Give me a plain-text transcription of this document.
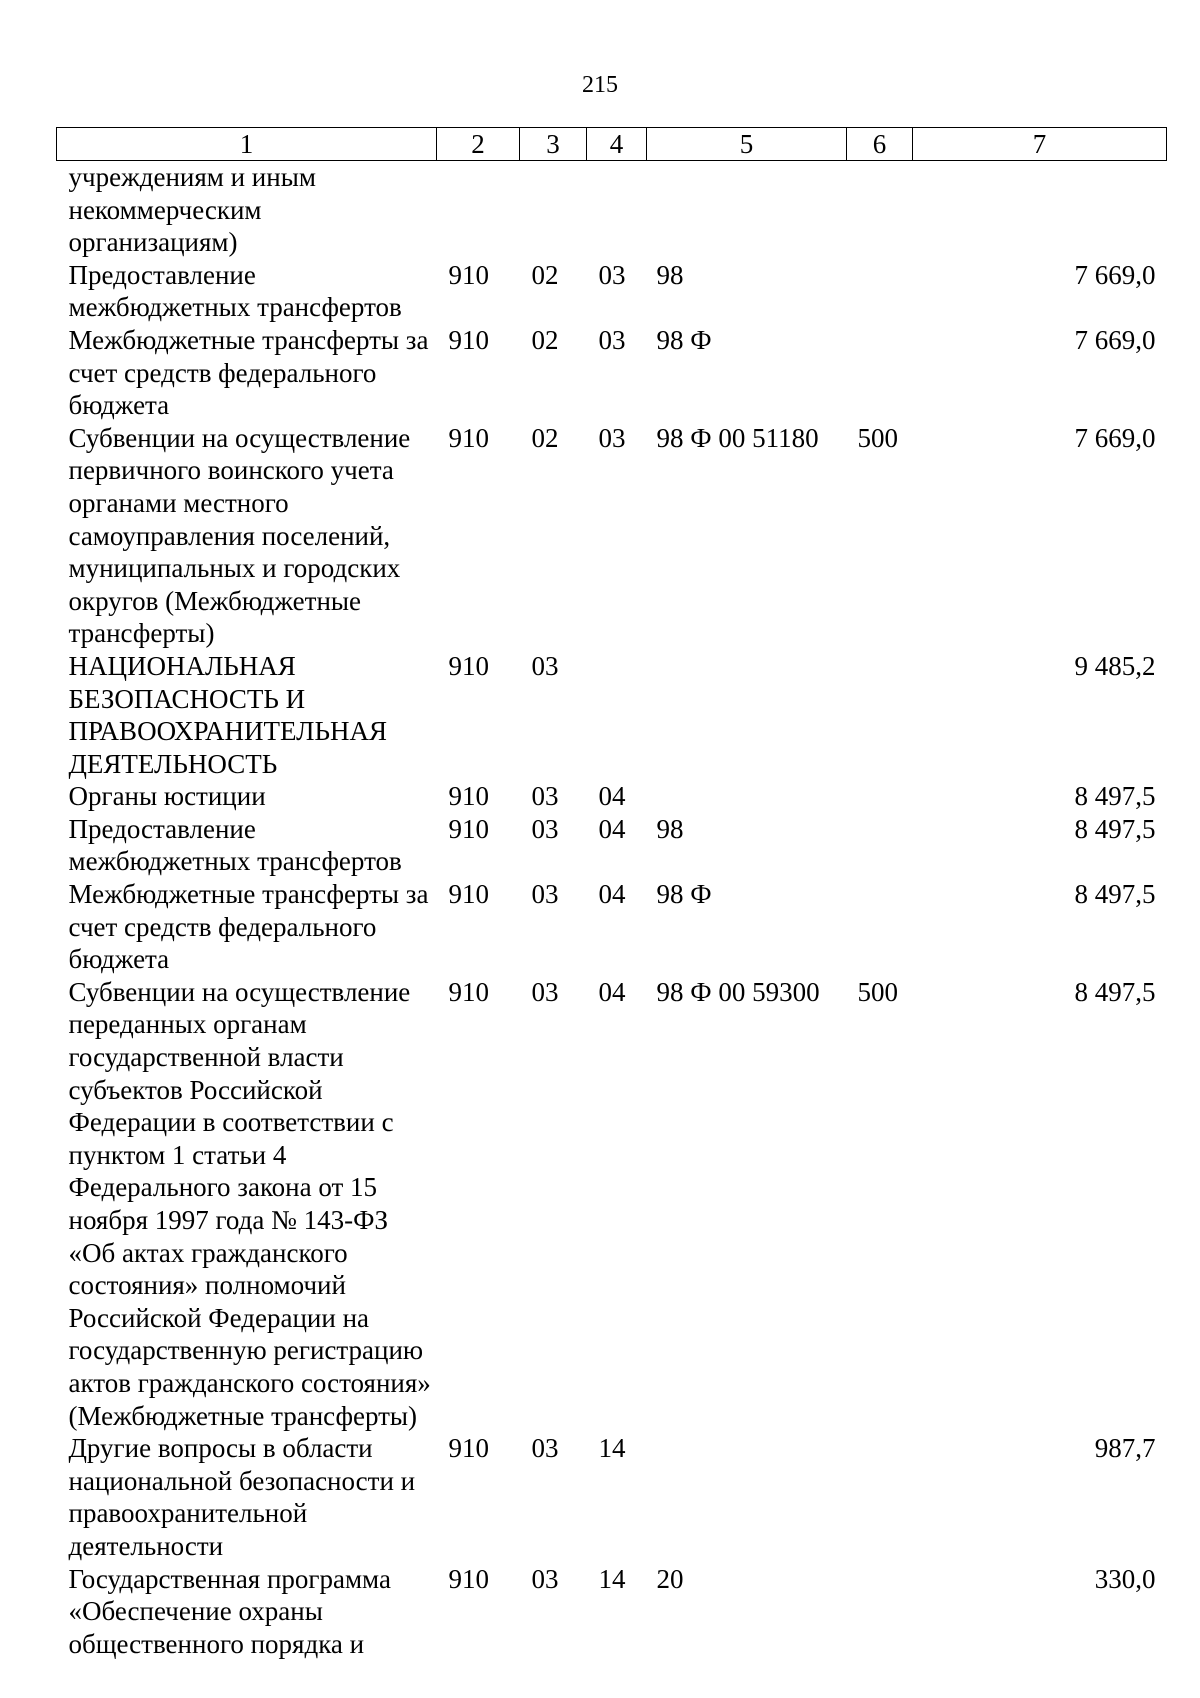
215
1	2	3	4	5	6	7
учреждениям и иным некоммерческим организациям)						
Предоставление межбюджетных трансфертов	910	02	03	98		7 669,0
Межбюджетные трансферты за счет средств федерального бюджета	910	02	03	98 Ф		7 669,0
Субвенции на осуществление первичного воинского учета органами местного самоуправления поселений, муниципальных и городских округов (Межбюджетные трансферты)	910	02	03	98 Ф 00 51180	500	7 669,0
НАЦИОНАЛЬНАЯ БЕЗОПАСНОСТЬ И ПРАВООХРАНИТЕЛЬНАЯ ДЕЯТЕЛЬНОСТЬ	910	03				9 485,2
Органы юстиции	910	03	04			8 497,5
Предоставление межбюджетных трансфертов	910	03	04	98		8 497,5
Межбюджетные трансферты за счет средств федерального бюджета	910	03	04	98 Ф		8 497,5
Субвенции на осуществление переданных органам государственной власти субъектов Российской Федерации в соответствии с пунктом 1 статьи 4 Федерального закона от 15 ноября 1997 года № 143-ФЗ «Об актах гражданского состояния» полномочий Российской Федерации на государственную регистрацию актов гражданского состояния» (Межбюджетные трансферты)	910	03	04	98 Ф 00 59300	500	8 497,5
Другие вопросы в области национальной безопасности и правоохранительной деятельности	910	03	14			987,7
Государственная программа «Обеспечение охраны общественного порядка и	910	03	14	20		330,0
